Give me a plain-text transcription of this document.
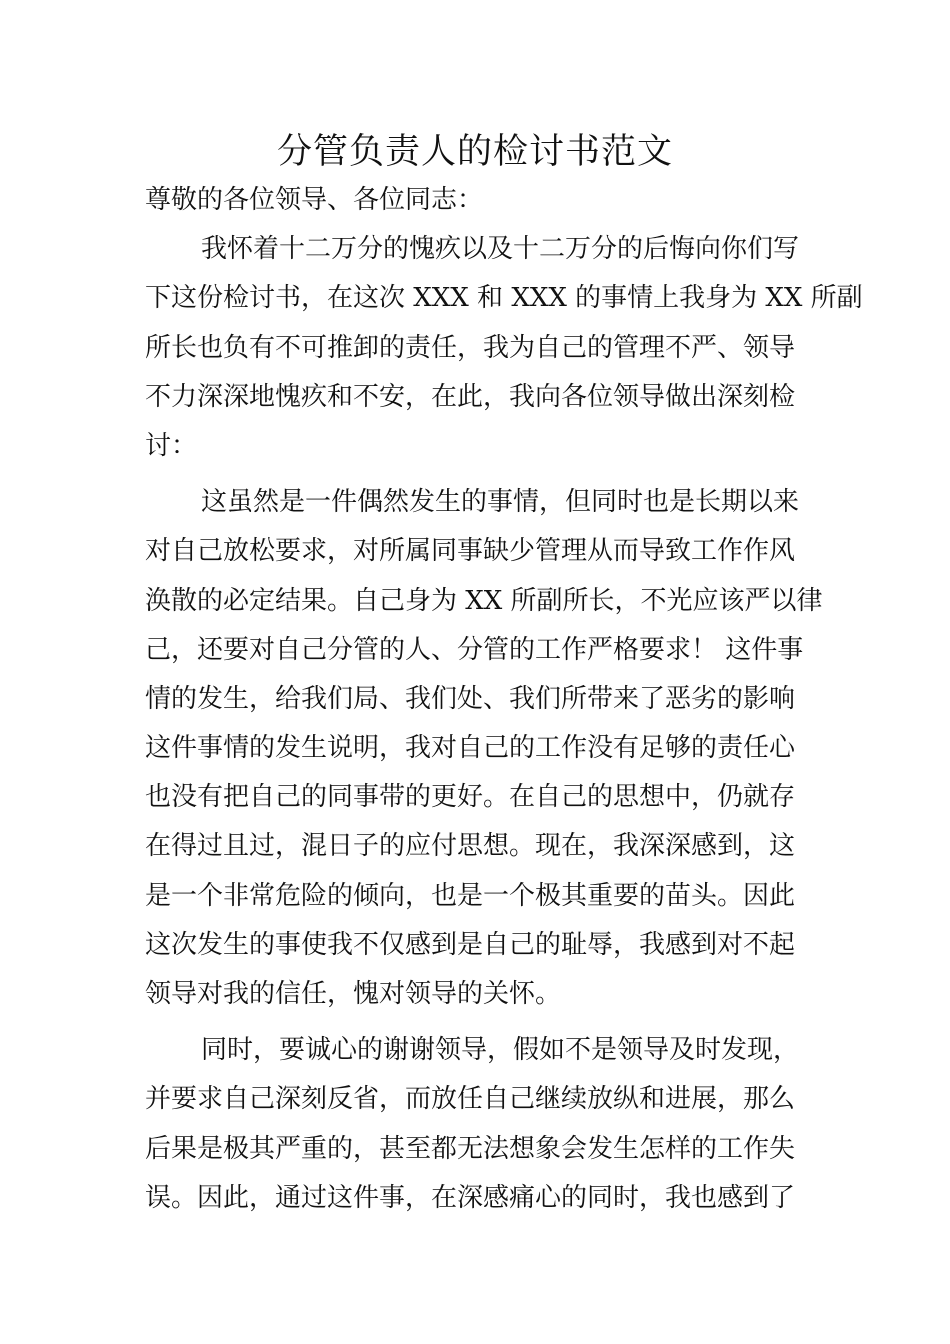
分管负责人的检讨书范文
尊敬的各位领导、各位同志：
我怀着十二万分的愧疚以及十二万分的后悔向你们写
下这份检讨书，在这次 XXX 和 XXX 的事情上我身为 XX 所副
所长也负有不可推卸的责任，我为自己的管理不严、领导
不力深深地愧疚和不安，在此，我向各位领导做出深刻检
讨：
这虽然是一件偶然发生的事情，但同时也是长期以来
对自己放松要求，对所属同事缺少管理从而导致工作作风
涣散的必定结果。自己身为 XX 所副所长，不光应该严以律
己，还要对自己分管的人、分管的工作严格要求！ 这件事
情的发生，给我们局、我们处、我们所带来了恶劣的影响
这件事情的发生说明，我对自己的工作没有足够的责任心
也没有把自己的同事带的更好。在自己的思想中，仍就存
在得过且过，混日子的应付思想。现在，我深深感到，这
是一个非常危险的倾向，也是一个极其重要的苗头。因此
这次发生的事使我不仅感到是自己的耻辱，我感到对不起
领导对我的信任，愧对领导的关怀。
同时，要诚心的谢谢领导，假如不是领导及时发现，
并要求自己深刻反省，而放任自己继续放纵和进展，那么
后果是极其严重的，甚至都无法想象会发生怎样的工作失
误。因此，通过这件事，在深感痛心的同时，我也感到了
